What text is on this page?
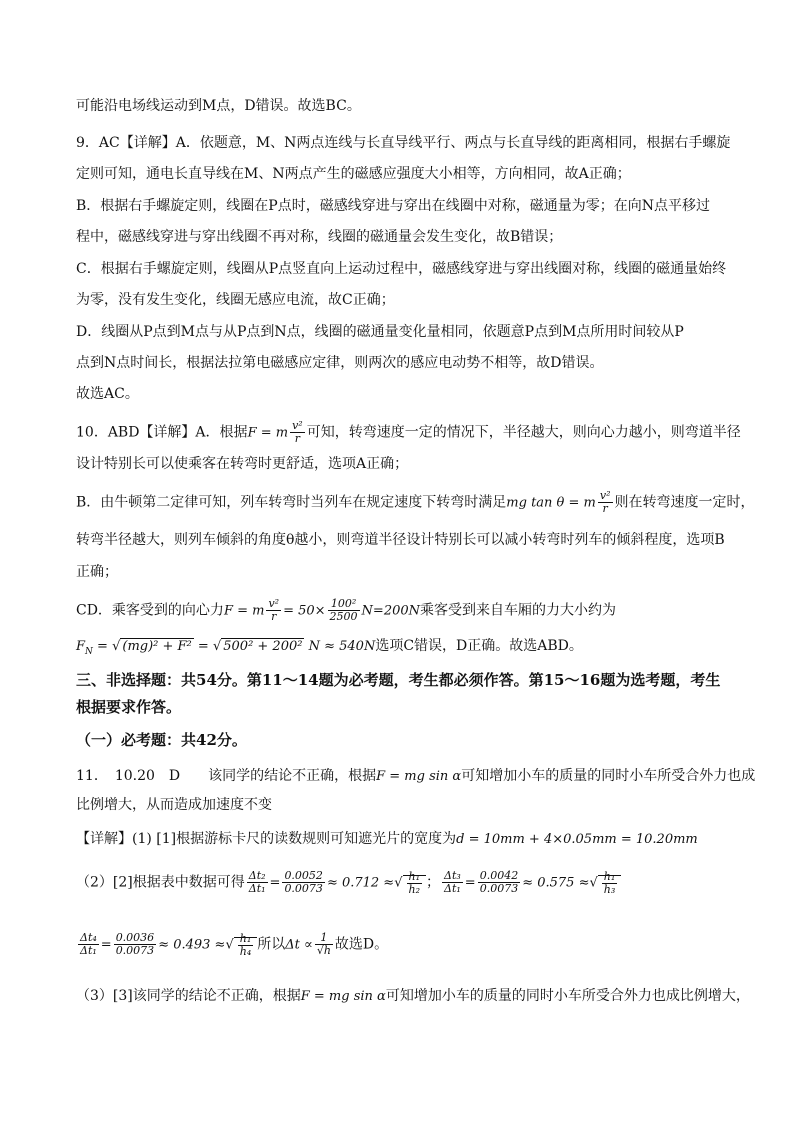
可能沿电场线运动到M点，D错误。故选BC。
9．AC【详解】A．依题意，M、N两点连线与长直导线平行、两点与长直导线的距离相同，根据右手螺旋
定则可知，通电长直导线在M、N两点产生的磁感应强度大小相等，方向相同，故A正确；
B．根据右手螺旋定则，线圈在P点时，磁感线穿进与穿出在线圈中对称，磁通量为零；在向N点平移过
程中，磁感线穿进与穿出线圈不再对称，线圈的磁通量会发生变化，故B错误；
C．根据右手螺旋定则，线圈从P点竖直向上运动过程中，磁感线穿进与穿出线圈对称，线圈的磁通量始终
为零，没有发生变化，线圈无感应电流，故C正确；
D．线圈从P点到M点与从P点到N点，线圈的磁通量变化量相同，依题意P点到M点所用时间较从P
点到N点时间长，根据法拉第电磁感应定律，则两次的感应电动势不相等，故D错误。
故选AC。
10．ABD【详解】A．根据F = m $\frac{\text{v²}}{r}$ 可知，转弯速度一定的情况下，半径越大，则向心力越小，则弯道半径
设计特别长可以使乘客在转弯时更舒适，选项A正确；
B．由牛顿第二定律可知，列车转弯时当列车在规定速度下转弯时满足mg tan θ = m $\frac{\text{v²}}{r}$ 则在转弯速度一定时，
转弯半径越大，则列车倾斜的角度θ越小，则弯道半径设计特别长可以减小转弯时列车的倾斜程度，选项B
正确；
CD．乘客受到的向心力F = m $\frac{\text{v²}}{r} = 50\times \frac{\text{100²}}{2500} N=200N$乘客受到来自车厢的力大小约为
$F_N$ = √ (mg)² + F² = √ 500² + 200² N ≈ 540N选项C错误，D正确。故选ABD。
三、非选择题：共54分。第11～14题为必考题，考生都必须作答。第15～16题为选考题，考生
根据要求作答。
（一）必考题：共42分。
11．　10.20　D　　该同学的结论不正确，根据F = mg sin α可知增加小车的质量的同时小车所受合外力也成
比例增大，从而造成加速度不变
【详解】(1) [1]根据游标卡尺的读数规则可知遮光片的宽度为d = 10mm + 4×0.05mm = 10.20mm
（2）[2]根据表中数据可得 $\frac{\text{Δt₂}}{\text{Δt₁}} = \frac{0.0052}{0.0073} \approx 0.712$ ≈√ $\frac{\text{h₁}}{\text{h₂}}$ ； $\frac{\text{Δt₃}}{\text{Δt₁}} = \frac{0.0042}{0.0073} \approx 0.575$ ≈√ $\frac{\text{h₁}}{\text{h₃}}$
$\frac{\text{Δt₄}}{\text{Δt₁}} = \frac{0.0036}{0.0073} \approx 0.493$ ≈√ $\frac{\text{h₁}}{\text{h₄}}$ 所以$\Delta t \propto \frac{1}{√h}$ 故选D。
（3）[3]该同学的结论不正确，根据F = mg sin α可知增加小车的质量的同时小车所受合外力也成比例增大，
